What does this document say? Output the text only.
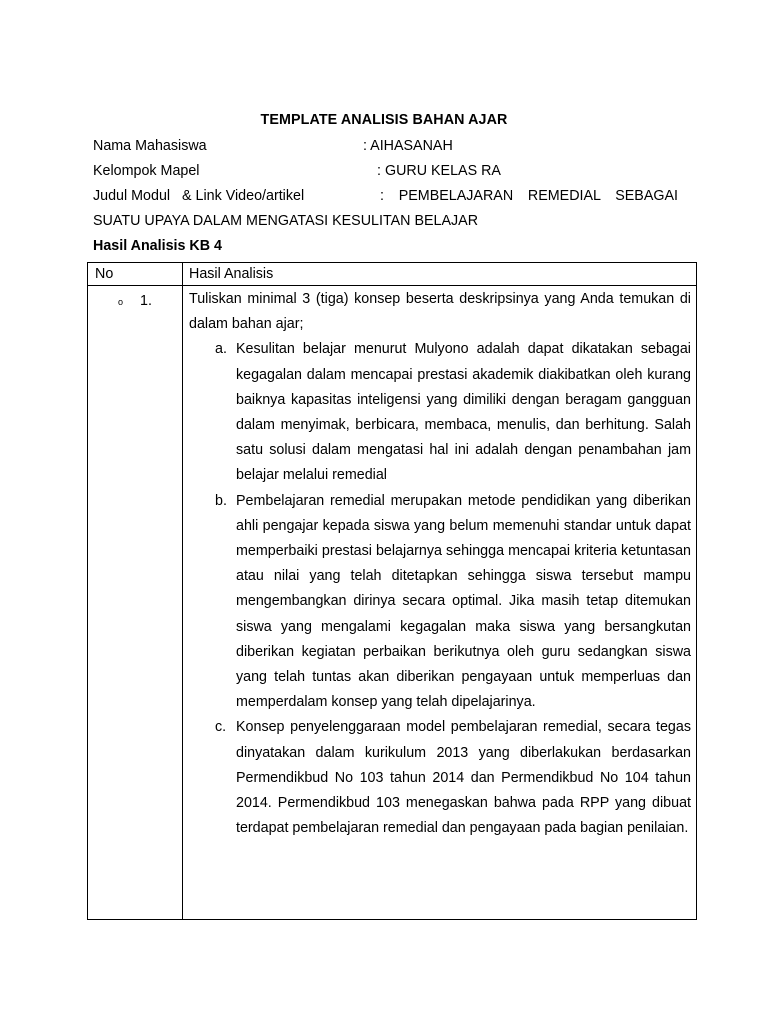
TEMPLATE ANALISIS BAHAN AJAR
Nama Mahasiswa	: AIHASANAH
Kelompok Mapel	: GURU KELAS RA
Judul Modul   & Link Video/artikel	: PEMBELAJARAN REMEDIAL SEBAGAI
SUATU UPAYA DALAM MENGATASI KESULITAN BELAJAR
Hasil Analisis KB 4
No	Hasil Analisis
o 1.	Tuliskan minimal 3 (tiga) konsep beserta deskripsinya yang Anda temukan di dalam bahan ajar;

a. Kesulitan belajar menurut Mulyono adalah dapat dikatakan sebagai kegagalan dalam mencapai prestasi akademik diakibatkan oleh kurang baiknya kapasitas inteligensi yang dimiliki dengan beragam gangguan dalam menyimak, berbicara, membaca, menulis, dan berhitung. Salah satu solusi dalam mengatasi hal ini adalah dengan penambahan jam belajar melalui remedial
b. Pembelajaran remedial merupakan metode pendidikan yang diberikan ahli pengajar kepada siswa yang belum memenuhi standar untuk dapat memperbaiki prestasi belajarnya sehingga mencapai kriteria ketuntasan atau nilai yang telah ditetapkan sehingga siswa tersebut mampu mengembangkan dirinya secara optimal. Jika masih tetap ditemukan siswa yang mengalami kegagalan maka siswa yang bersangkutan diberikan kegiatan perbaikan berikutnya oleh guru sedangkan siswa yang telah tuntas akan diberikan pengayaan untuk memperluas dan memperdalam konsep yang telah dipelajarinya.
c. Konsep penyelenggaraan model pembelajaran remedial, secara tegas dinyatakan dalam kurikulum 2013 yang diberlakukan berdasarkan Permendikbud No 103 tahun 2014 dan Permendikbud No 104 tahun 2014. Permendikbud 103 menegaskan bahwa pada RPP yang dibuat terdapat pembelajaran remedial dan pengayaan pada bagian penilaian.
